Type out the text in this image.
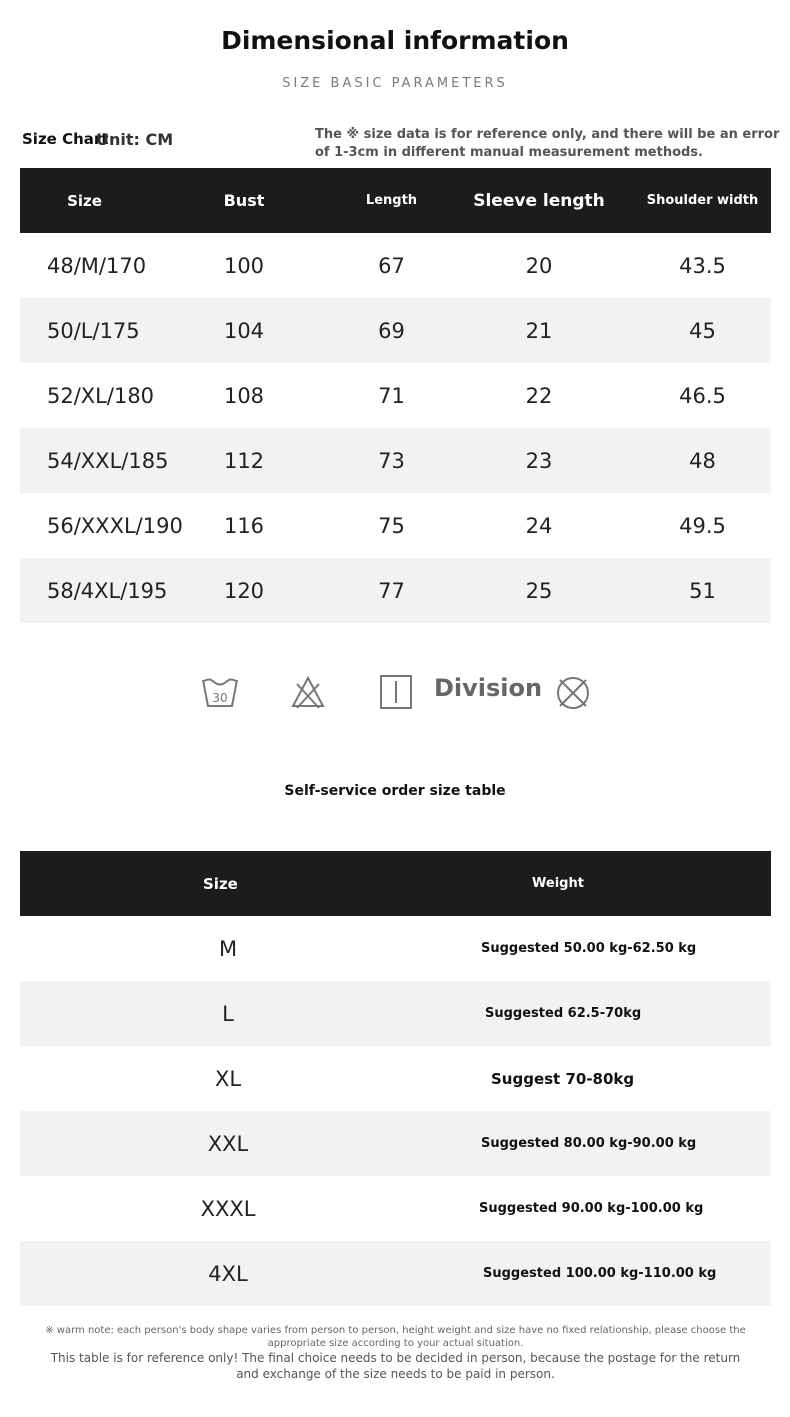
Dimensional information
SIZE BASIC PARAMETERS
Size Chart
Unit: CM	The ※ size data is for reference only, and there will be an error of 1-3cm in different manual measurement methods.
Size	Bust	Length	Sleeve length	Shoulder width
48/M/170	100	67	20	43.5
50/L/175	104	69	21	45
52/XL/180	108	71	22	46.5
54/XXL/185	112	73	23	48
56/XXXL/190	116	75	24	49.5
58/4XL/195	120	77	25	51
30	Division
Self-service order size table
Size	Weight
M	Suggested 50.00 kg-62.50 kg
L	Suggested 62.5-70kg
XL	Suggest 70-80kg
XXL	Suggested 80.00 kg-90.00 kg
XXXL	Suggested 90.00 kg-100.00 kg
4XL	Suggested 100.00 kg-110.00 kg
※ warm note: each person's body shape varies from person to person, height weight and size have no fixed relationship, please choose the appropriate size according to your actual situation.
This table is for reference only! The final choice needs to be decided in person, because the postage for the return and exchange of the size needs to be paid in person.
